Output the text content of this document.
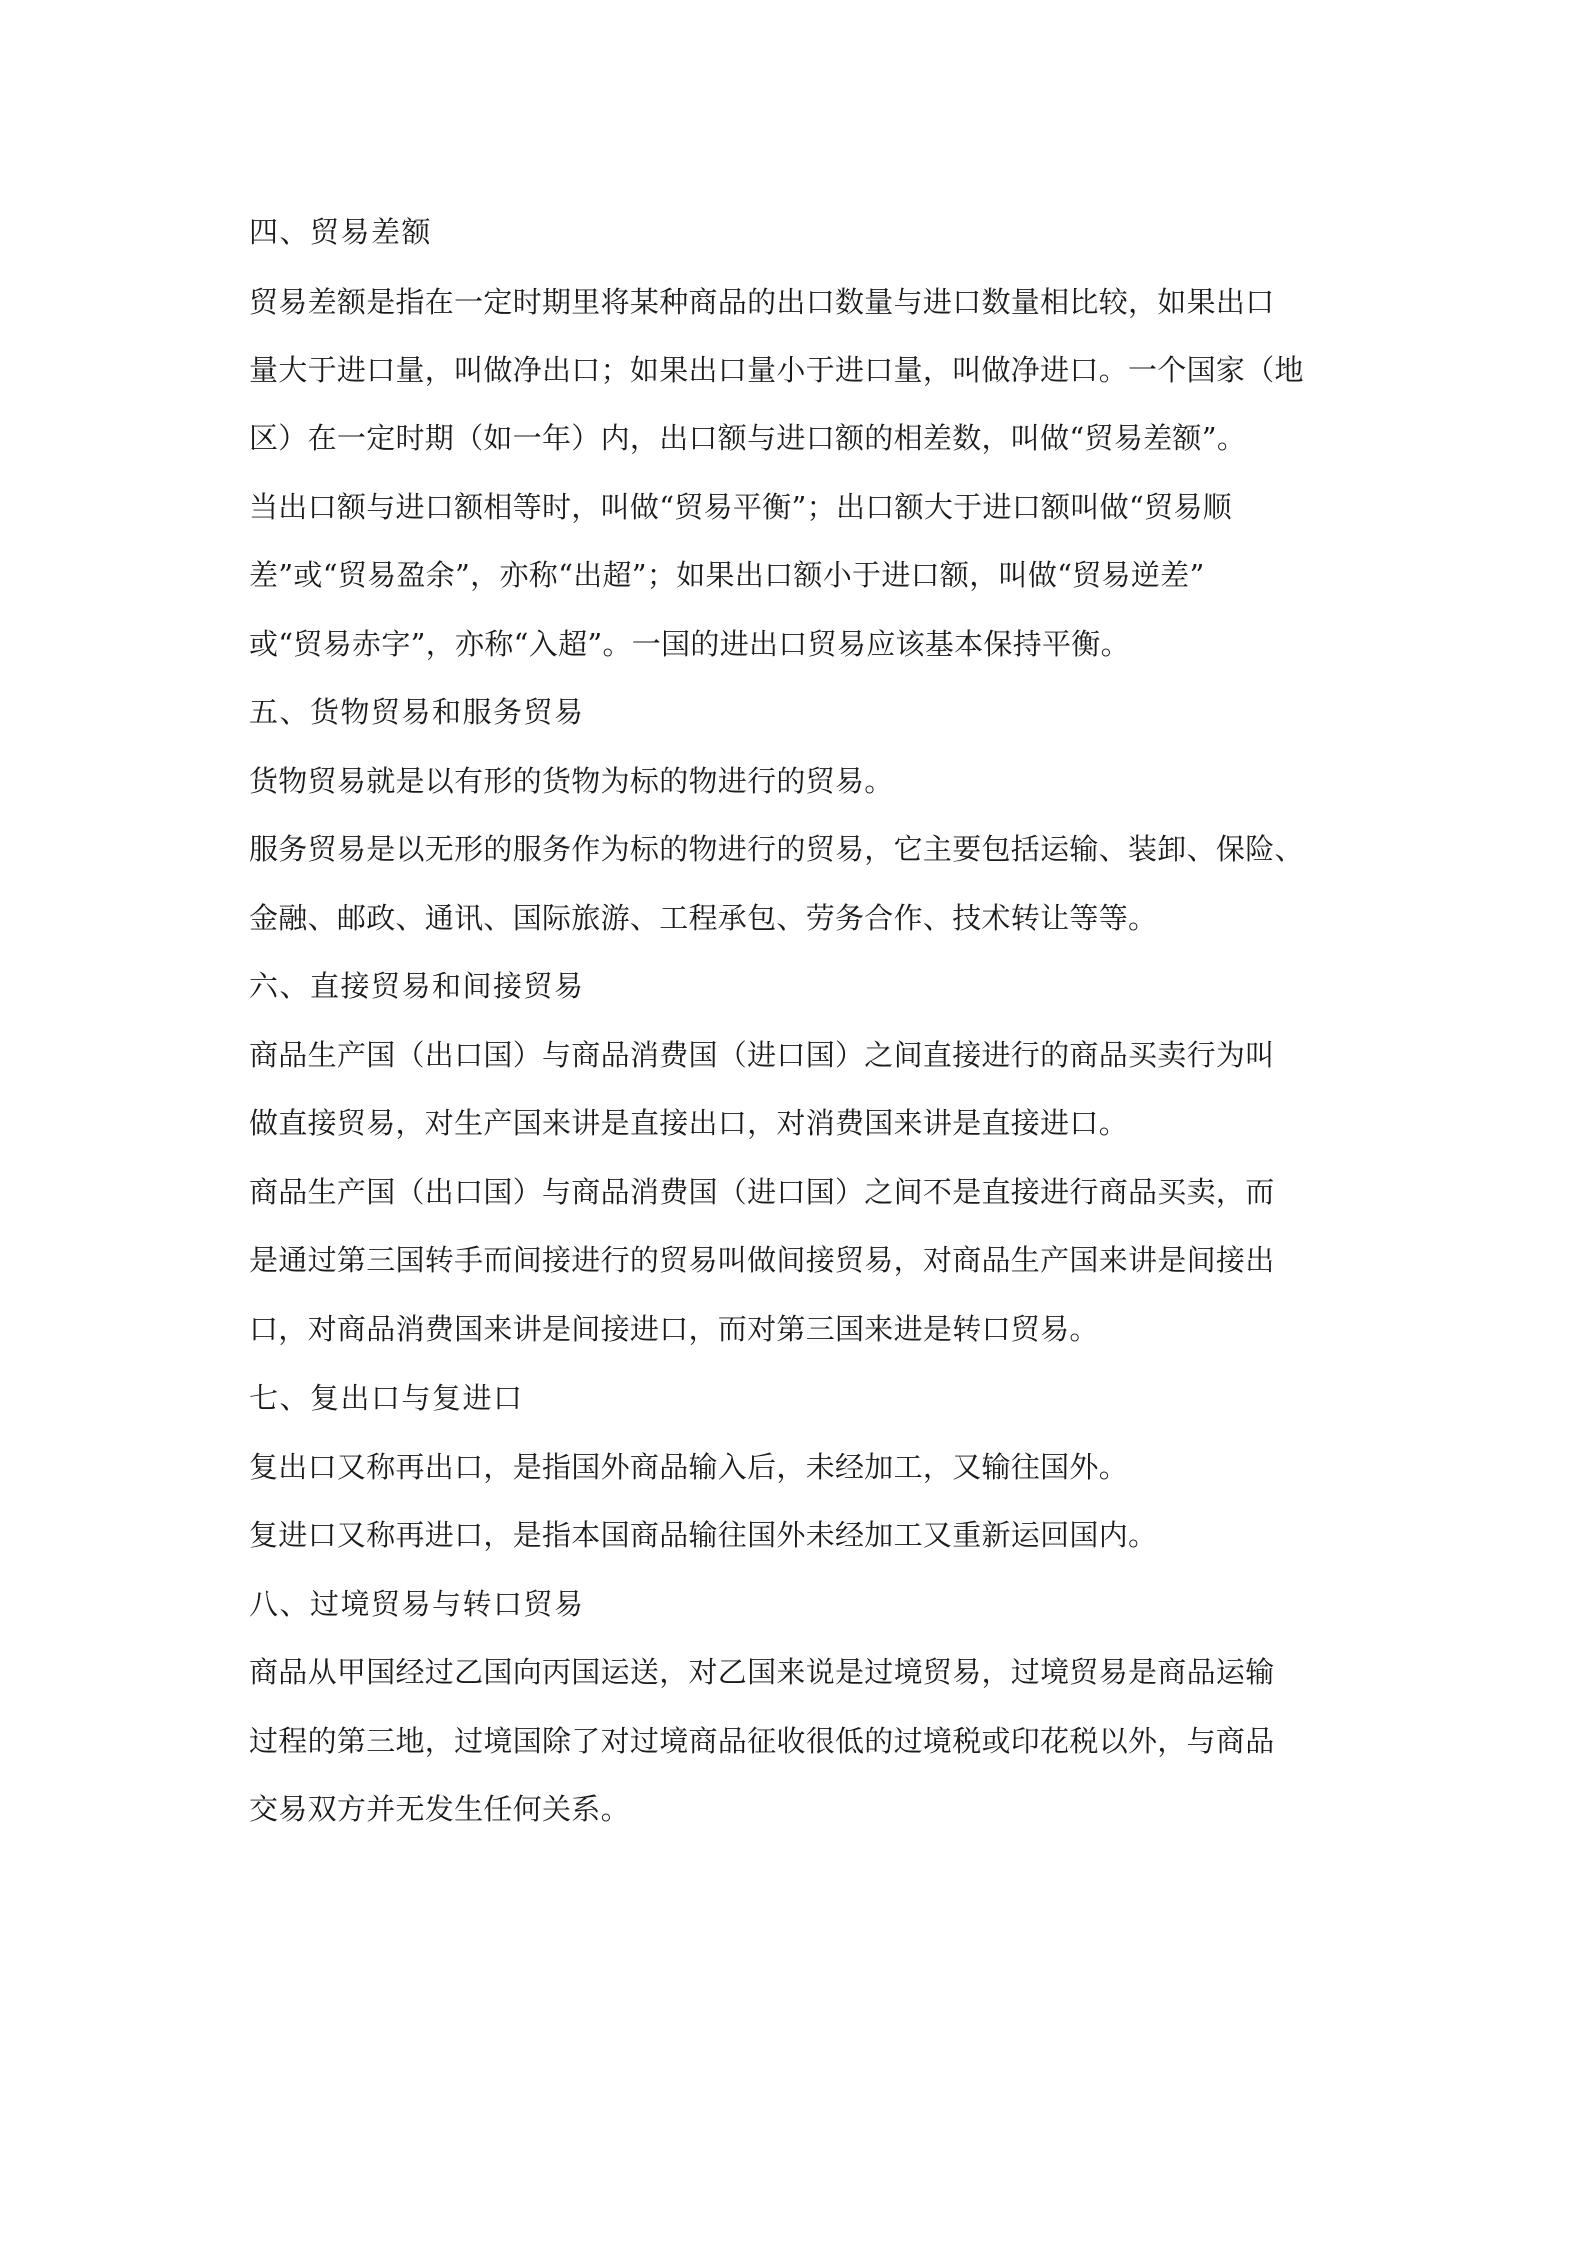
四、贸易差额
贸易差额是指在一定时期里将某种商品的出口数量与进口数量相比较，如果出口
量大于进口量，叫做净出口；如果出口量小于进口量，叫做净进口。一个国家（地
区）在一定时期（如一年）内，出口额与进口额的相差数，叫做“贸易差额”。
当出口额与进口额相等时，叫做“贸易平衡”；出口额大于进口额叫做“贸易顺
差”或“贸易盈余”，亦称“出超”；如果出口额小于进口额，叫做“贸易逆差”
或“贸易赤字”，亦称“入超”。一国的进出口贸易应该基本保持平衡。
五、货物贸易和服务贸易
货物贸易就是以有形的货物为标的物进行的贸易。
服务贸易是以无形的服务作为标的物进行的贸易，它主要包括运输、装卸、保险、
金融、邮政、通讯、国际旅游、工程承包、劳务合作、技术转让等等。
六、直接贸易和间接贸易
商品生产国（出口国）与商品消费国（进口国）之间直接进行的商品买卖行为叫
做直接贸易，对生产国来讲是直接出口，对消费国来讲是直接进口。
商品生产国（出口国）与商品消费国（进口国）之间不是直接进行商品买卖，而
是通过第三国转手而间接进行的贸易叫做间接贸易，对商品生产国来讲是间接出
口，对商品消费国来讲是间接进口，而对第三国来进是转口贸易。
七、复出口与复进口
复出口又称再出口，是指国外商品输入后，未经加工，又输往国外。
复进口又称再进口，是指本国商品输往国外未经加工又重新运回国内。
八、过境贸易与转口贸易
商品从甲国经过乙国向丙国运送，对乙国来说是过境贸易，过境贸易是商品运输
过程的第三地，过境国除了对过境商品征收很低的过境税或印花税以外，与商品
交易双方并无发生任何关系。
